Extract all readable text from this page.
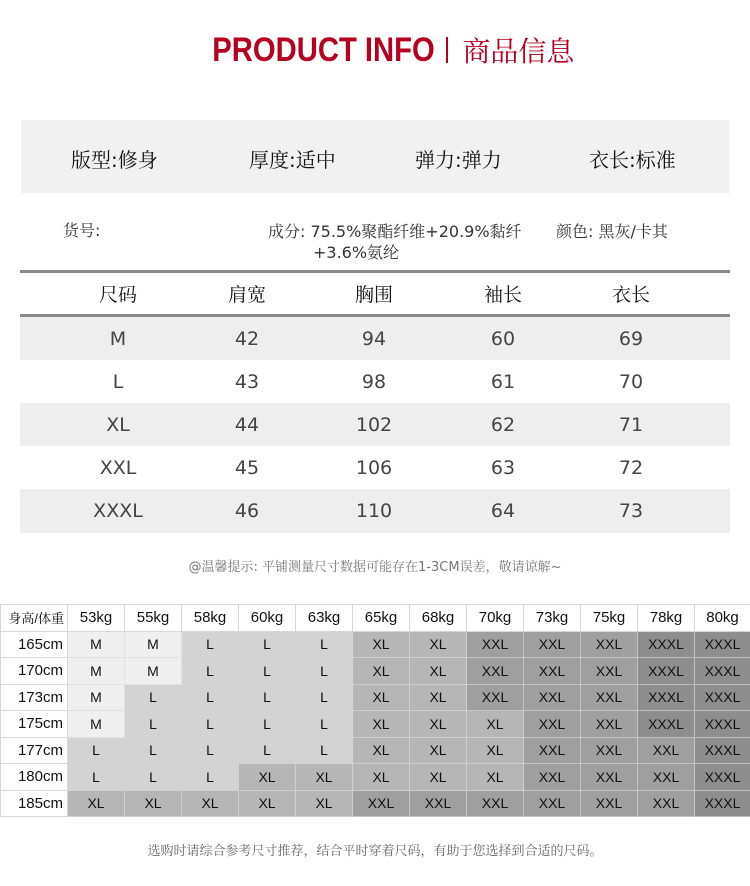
PRODUCT INFO 商品信息
版型:修身	厚度:适中	弹力:弹力	衣长:标准
货号:	成分: 75.5%聚酯纤维+20.9%黏纤
+3.6%氨纶
颜色: 黑灰/卡其
尺码	肩宽	胸围	袖长	衣长
M	42	94	60	69
L	43	98	61	70
XL	44	102	62	71
XXL	45	106	63	72
XXXL	46	110	64	73
@温馨提示: 平铺测量尺寸数据可能存在1-3CM误差，敬请谅解~
身高/体重	53kg	55kg	58kg	60kg	63kg	65kg	68kg	70kg	73kg	75kg	78kg	80kg
165cm	M	M	L	L	L	XL	XL	XXL	XXL	XXL	XXXL	XXXL
170cm	M	M	L	L	L	XL	XL	XXL	XXL	XXL	XXXL	XXXL
173cm	M	L	L	L	L	XL	XL	XXL	XXL	XXL	XXXL	XXXL
175cm	M	L	L	L	L	XL	XL	XL	XXL	XXL	XXXL	XXXL
177cm	L	L	L	L	L	XL	XL	XL	XXL	XXL	XXL	XXXL
180cm	L	L	L	XL	XL	XL	XL	XL	XXL	XXL	XXL	XXXL
185cm	XL	XL	XL	XL	XL	XXL	XXL	XXL	XXL	XXL	XXL	XXXL
选购时请综合参考尺寸推荐，结合平时穿着尺码，有助于您选择到合适的尺码。
